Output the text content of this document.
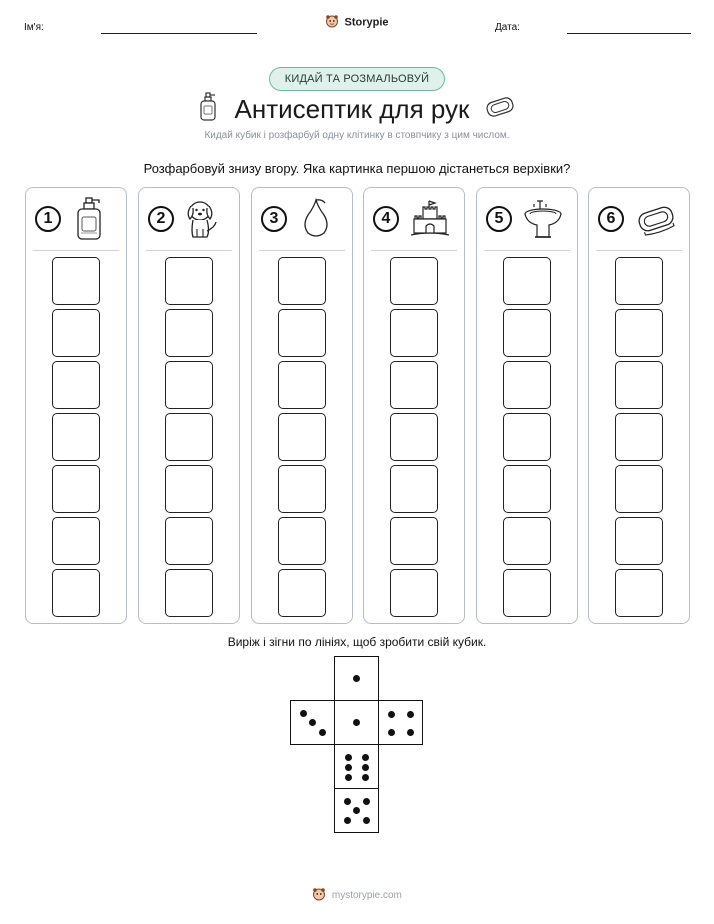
Ім'я:	Storypie	Дата:
КИДАЙ ТА РОЗМАЛЬОВУЙ
Антисептик для рук
Кидай кубик і розфарбуй одну клітинку в стовпчику з цим числом.
Розфарбовуй знизу вгору. Яка картинка першою дістанеться верхівки?
1	2	3	4	5	6
Виріж і зігни по лініях, щоб зробити свій кубик.
mystorypie.com
